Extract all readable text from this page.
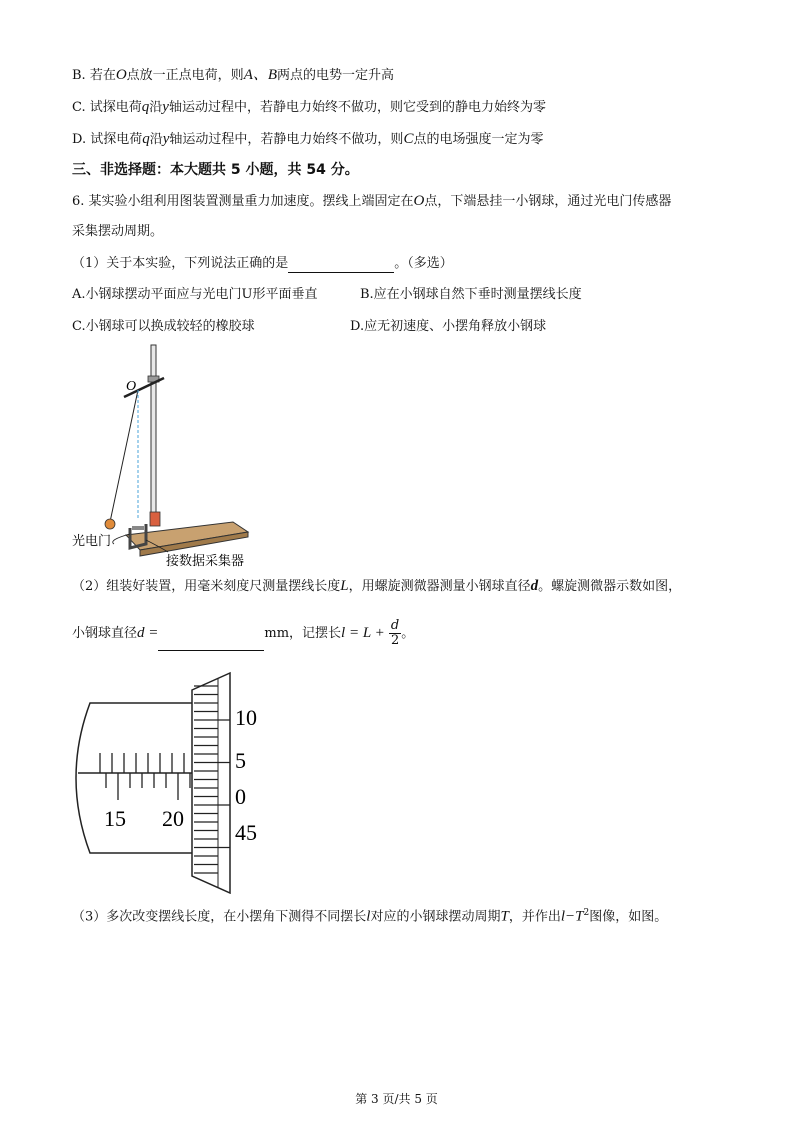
B. 若在O点放一正点电荷，则A、B两点的电势一定升高
C. 试探电荷q沿y轴运动过程中，若静电力始终不做功，则它受到的静电力始终为零
D. 试探电荷q沿y轴运动过程中，若静电力始终不做功，则C点的电场强度一定为零
三、非选择题：本大题共 5 小题，共 54 分。
6. 某实验小组利用图装置测量重力加速度。摆线上端固定在O点，下端悬挂一小钢球，通过光电门传感器
采集摆动周期。
（1）关于本实验，下列说法正确的是	。（多选）
A.小钢球摆动平面应与光电门U形平面垂直	B.应在小钢球自然下垂时测量摆线长度
C.小钢球可以换成较轻的橡胶球	D.应无初速度、小摆角释放小钢球
O
光电门
接数据采集器
（2）组装好装置，用毫米刻度尺测量摆线长度L，用螺旋测微器测量小钢球直径d。螺旋测微器示数如图，
小钢球直径d =	mm，记摆长$l = L + \frac{d}{2}$ 。
15 20
10
5
0
45
（3）多次改变摆线长度，在小摆角下测得不同摆长l对应的小钢球摆动周期T，并作出$l-T^2$图像，如图。
第 3 页/共 5 页
